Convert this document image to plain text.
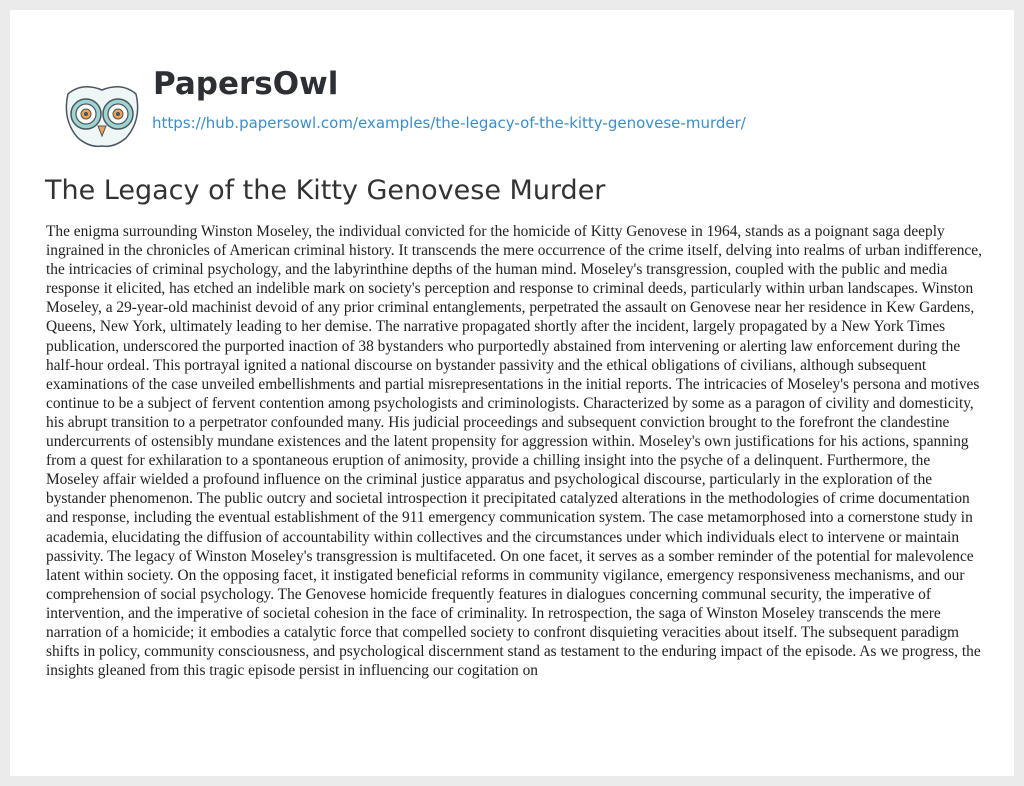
PapersOwl
https://hub.papersowl.com/examples/the-legacy-of-the-kitty-genovese-murder/
The Legacy of the Kitty Genovese Murder

The enigma surrounding Winston Moseley, the individual convicted for the homicide of Kitty Genovese in 1964, stands as a poignant saga deeply ingrained in the chronicles of American criminal history. It transcends the mere occurrence of the crime itself, delving into realms of urban indifference, the intricacies of criminal psychology, and the labyrinthine depths of the human mind. Moseley's transgression, coupled with the public and media response it elicited, has etched an indelible mark on society's perception and response to criminal deeds, particularly within urban landscapes. Winston Moseley, a 29-year-old machinist devoid of any prior criminal entanglements, perpetrated the assault on Genovese near her residence in Kew Gardens, Queens, New York, ultimately leading to her demise. The narrative propagated shortly after the incident, largely propagated by a New York Times publication, underscored the purported inaction of 38 bystanders who purportedly abstained from intervening or alerting law enforcement during the half-hour ordeal. This portrayal ignited a national discourse on bystander passivity and the ethical obligations of civilians, although subsequent examinations of the case unveiled embellishments and partial misrepresentations in the initial reports. The intricacies of Moseley's persona and motives continue to be a subject of fervent contention among psychologists and criminologists. Characterized by some as a paragon of civility and domesticity, his abrupt transition to a perpetrator confounded many. His judicial proceedings and subsequent conviction brought to the forefront the clandestine undercurrents of ostensibly mundane existences and the latent propensity for aggression within. Moseley's own justifications for his actions, spanning from a quest for exhilaration to a spontaneous eruption of animosity, provide a chilling insight into the psyche of a delinquent. Furthermore, the Moseley affair wielded a profound influence on the criminal justice apparatus and psychological discourse, particularly in the exploration of the bystander phenomenon. The public outcry and societal introspection it precipitated catalyzed alterations in the methodologies of crime documentation and response, including the eventual establishment of the 911 emergency communication system. The case metamorphosed into a cornerstone study in academia, elucidating the diffusion of accountability within collectives and the circumstances under which individuals elect to intervene or maintain passivity. The legacy of Winston Moseley's transgression is multifaceted. On one facet, it serves as a somber reminder of the potential for malevolence latent within society. On the opposing facet, it instigated beneficial reforms in community vigilance, emergency responsiveness mechanisms, and our comprehension of social psychology. The Genovese homicide frequently features in dialogues concerning communal security, the imperative of intervention, and the imperative of societal cohesion in the face of criminality. In retrospection, the saga of Winston Moseley transcends the mere narration of a homicide; it embodies a catalytic force that compelled society to confront disquieting veracities about itself. The subsequent paradigm shifts in policy, community consciousness, and psychological discernment stand as testament to the enduring impact of the episode. As we progress, the insights gleaned from this tragic episode persist in influencing our cogitation on
